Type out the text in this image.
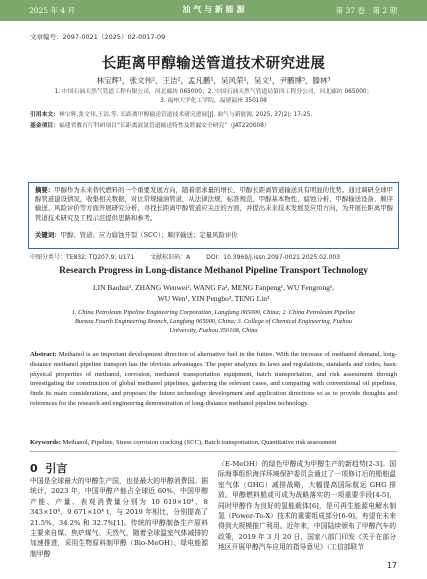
2025 年 4 月	油 气 与 新 能 源	第 37 卷　第 2 期
文章编号：2097-0021（2025）02-0017-09
长距离甲醇输送管道技术研究进展
林宝辉¹，张文伟²，王洁²，孟凡鹏¹，吴风荣¹，吴文¹，尹鹏博³，滕林³
1. 中国石油天然气管道工程有限公司，河北廊坊 065000；2. 中国石油天然气管道局第四工程分公司，河北廊坊 065000；
3. 福州大学化工学院，福建福州 350108
引用本文：林宝辉,张文伟,王洁,等. 长距离甲醇输送管道技术研究进展[J]. 油气与新能源, 2025, 37(2): 17-25.
基金项目：福建省教育厅科研项目“长距离液氨管道输送特性及泄漏安全研究”（JAT220008）

摘要：甲醇作为未来替代燃料的一个重要发展方向，随着需求量的增长，甲醇长距离管道输送具有明显的优势。通过调研全球甲醇管道建设情况，收集相关数据，对比常规输油管道，从法律法规、标准规范、甲醇基本物性、腐蚀分析、甲醇输送设备、顺序输送、风险评价等方面开展研究分析，寻找长距离甲醇管道应关注的方面，并提出未来技术发展及应用方向，为开展长距离甲醇管道技术研究及工程示范提供思路和参考。

关键词：甲醇；管道；应力腐蚀开裂（SCC）；顺序输送；定量风险评价

中图分类号：TE832; TQ207.9; U171	文献标识码：A	DOI：10.3969/j.issn.2097-0021.2025.02.003
Research Progress in Long-distance Methanol Pipeline Transport Technology
LIN Baohui¹, ZHANG Wenwei², WANG Fa², MENG Fanpeng¹, WU Fengrong¹,
WU Wen¹, YIN Pengbo³, TENG Lin³
1. China Petroleum Pipeline Engineering Corporation, Langfang 065000, China; 2. China Petroleum Pipeline
Bureau Fourth Engineering Branch, Langfang 065000, China; 3. College of Chemical Engineering, Fuzhou
University, Fuzhou 350108, China

Abstract: Methanol is an important development direction of alternative fuel in the future. With the increase of methanol demand, long-distance methanol pipeline transport has the obvious advantages. The paper analyzes its laws and regulations, standards and codes, basic physical properties of methanol, corrosion, methanol transportation equipment, batch transportation, and risk assessment through investigating the construction of global methanol pipelines, gathering the relevant cases, and comparing with conventional oil pipelines, finds its main considerations, and proposes the future technology development and application directions so as to provide thoughts and references for the research and engineering demonstration of long-distance methanol pipeline technology.

Keywords: Methanol, Pipeline, Stress corrosion cracking (SCC), Batch transportation, Quantitative risk assessment

0 引言

中国是全球最大的甲醇生产国，也是最大的甲醇消费国。据统计，2023 年，中国甲醇产能占全球近 60%，中国甲醇产能、产量、表观消费量分别为 10 619×10⁴、8 343×10⁴、9 671×10⁴ t，与 2019 年相比，分别提高了 21.5%、34.2% 和 32.7%[1]。传统的甲醇制备生产原料主要来自煤、焦炉煤气、天然气，随着全球温室气体减排的加速推进，采用生物原料制甲醇（Bio-MeOH）、绿电能源制甲醇

（E-MeOH）的绿色甲醇成为甲醇生产的新趋势[2-3]。国际海事组织海洋环境保护委员会通过了一项修订后的船舶温室气体（GHG）减排战略，大幅提高国际航运 GHG 排放。甲醇燃料船或可成为战略落实的一项重要手段[4-5]，同时甲醇作为良好的氢能载体[6]，是可再生能源电解水制氢（Power-To-X）技术的重要组成部分[6-9]，有望在未来得到大规模推广利用。近年来，中国陆续颁布了甲醇汽车的政策，2019 年 3 月 20 日，国家八部门印发《关于在部分地区开展甲醇汽车应用的指导意见》（工信部联节

17
